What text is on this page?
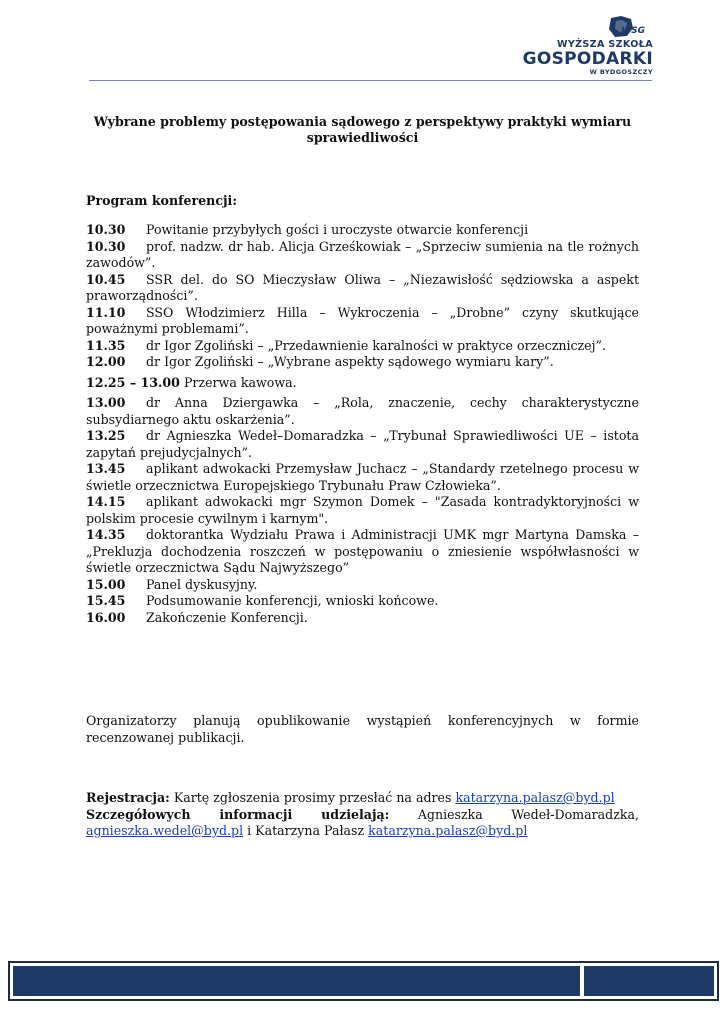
WSG
WYŻSZA SZKOŁA
GOSPODARKI
W BYDGOSZCZY
Wybrane problemy postępowania sądowego z perspektywy praktyki wymiaru sprawiedliwości
Program konferencji:
10.30 Powitanie przybyłych gości i uroczyste otwarcie konferencji
10.30 prof. nadzw. dr hab. Alicja Grześkowiak – „Sprzeciw sumienia na tle rożnych zawodów”.
10.45 SSR del. do SO Mieczysław Oliwa – „Niezawisłość sędziowska a aspekt praworządności”.
11.10 SSO Włodzimierz Hilla – Wykroczenia – „Drobne” czyny skutkujące poważnymi problemami”.
11.35 dr Igor Zgoliński – „Przedawnienie karalności w praktyce orzeczniczej”.
12.00 dr Igor Zgoliński – „Wybrane aspekty sądowego wymiaru kary”.
12.25 – 13.00 Przerwa kawowa.
13.00 dr Anna Dziergawka – „Rola, znaczenie, cechy charakterystyczne subsydiarnego aktu oskarżenia”.
13.25 dr Agnieszka Wedeł–Domaradzka – „Trybunał Sprawiedliwości UE – istota zapytań prejudycjalnych”.
13.45 aplikant adwokacki Przemysław Juchacz – „Standardy rzetelnego procesu w świetle orzecznictwa Europejskiego Trybunału Praw Człowieka”.
14.15 aplikant adwokacki mgr Szymon Domek – "Zasada kontradyktoryjności w polskim procesie cywilnym i karnym".
14.35 doktorantka Wydziału Prawa i Administracji UMK mgr Martyna Damska – „Prekluzja dochodzenia roszczeń w postępowaniu o zniesienie współwłasności w świetle orzecznictwa Sądu Najwyższego”
15.00 Panel dyskusyjny.
15.45 Podsumowanie konferencji, wnioski końcowe.
16.00 Zakończenie Konferencji.

Organizatorzy planują opublikowanie wystąpień konferencyjnych w formie recenzowanej publikacji.

Rejestracja: Kartę zgłoszenia prosimy przesłać na adres katarzyna.palasz@byd.pl
Szczegółowych informacji udzielają: Agnieszka Wedeł-Domaradzka,
agnieszka.wedel@byd.pl i Katarzyna Pałasz katarzyna.palasz@byd.pl
